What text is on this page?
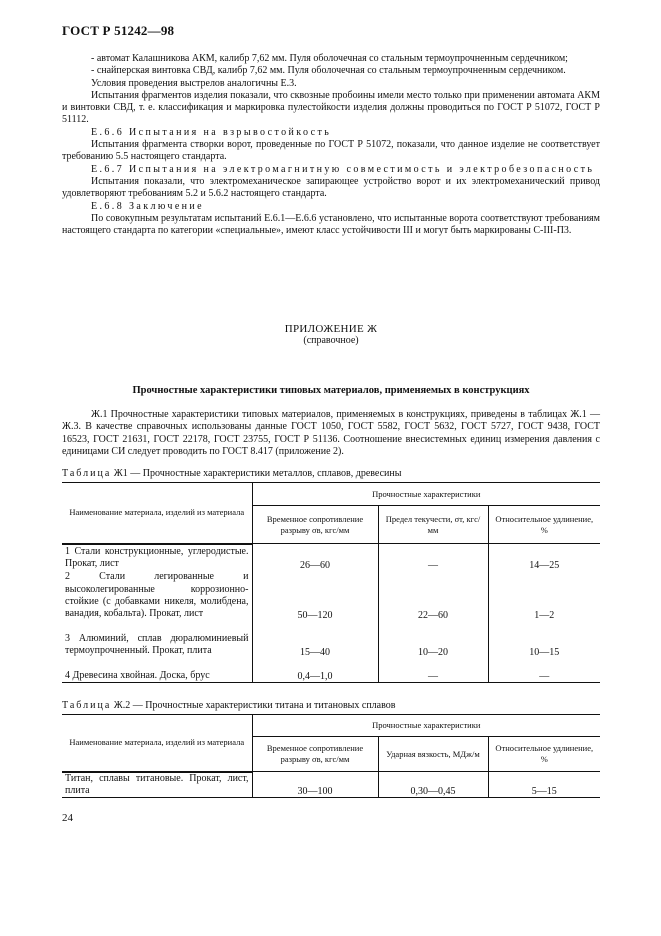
ГОСТ Р 51242—98

- автомат Калашникова АКМ, калибр 7,62 мм. Пуля оболочечная со стальным термоупрочненным сердечником;

- снайперская винтовка СВД, калибр 7,62 мм. Пуля оболочечная со стальным термоупрочненным сердечником.

Условия проведения выстрелов аналогичны Е.3.

Испытания фрагментов изделия показали, что сквозные пробоины имели место только при применении автомата АКМ и винтовки СВД, т. е. классификация и маркировка пулестойкости изделия должны проводиться по ГОСТ Р 51072, ГОСТ Р 51112.

Е.6.6 Испытания на взрывостойкость

Испытания фрагмента створки ворот, проведенные по ГОСТ Р 51072, показали, что данное изделие не соответствует требованию 5.5 настоящего стандарта.

Е.6.7 Испытания на электромагнитную совместимость и электробезопасность

Испытания показали, что электромеханическое запирающее устройство ворот и их электромеханический привод удовлетворяют требованиям 5.2 и 5.6.2 настоящего стандарта.

Е.6.8 Заключение

По совокупным результатам испытаний Е.6.1—Е.6.6 установлено, что испытанные ворота соответствуют требованиям настоящего стандарта по категории «специальные», имеют класс устойчивости III и могут быть маркированы С-III-П3.

ПРИЛОЖЕНИЕ Ж
(справочное)
Прочностные характеристики типовых материалов, применяемых в конструкциях

Ж.1 Прочностные характеристики типовых материалов, применяемых в конструкциях, приведены в таблицах Ж.1 — Ж.3. В качестве справочных использованы данные ГОСТ 1050, ГОСТ 5582, ГОСТ 5632, ГОСТ 5727, ГОСТ 9438, ГОСТ 16523, ГОСТ 21631, ГОСТ 22178, ГОСТ 23755, ГОСТ Р 51136. Соотношение внесистемных единиц измерения давления с единицами СИ следует проводить по ГОСТ 8.417 (приложение 2).

Таблица Ж1 — Прочностные характеристики металлов, сплавов, древесины
Наименование материала, изделий из материала	Прочностные характеристики		
	Временное сопротивление разрыву σв, кгс/мм	Предел текучести, σт, кгс/мм	Относительное удлинение, %
1 Стали конструкционные, углеродистые. Прокат, лист	26—60	—	14—25
2 Стали легированные и высоколегированные коррозионно-стойкие (с добавками никеля, молибдена, ванадия, кобальта). Прокат, лист	50—120	22—60	1—2
3 Алюминий, сплав дюралюминиевый термоупрочненный. Прокат, плита	15—40	10—20	10—15
4 Древесина хвойная. Доска, брус	0,4—1,0	—	—
Таблица Ж.2 — Прочностные характеристики титана и титановых сплавов
Наименование материала, изделий из материала	Прочностные характеристики		
	Временное сопротивление разрыву σв, кгс/мм	Ударная вязкость, МДж/м	Относительное удлинение, %
Титан, сплавы титановые. Прокат, лист, плита	30—100	0,30—0,45	5—15
24
